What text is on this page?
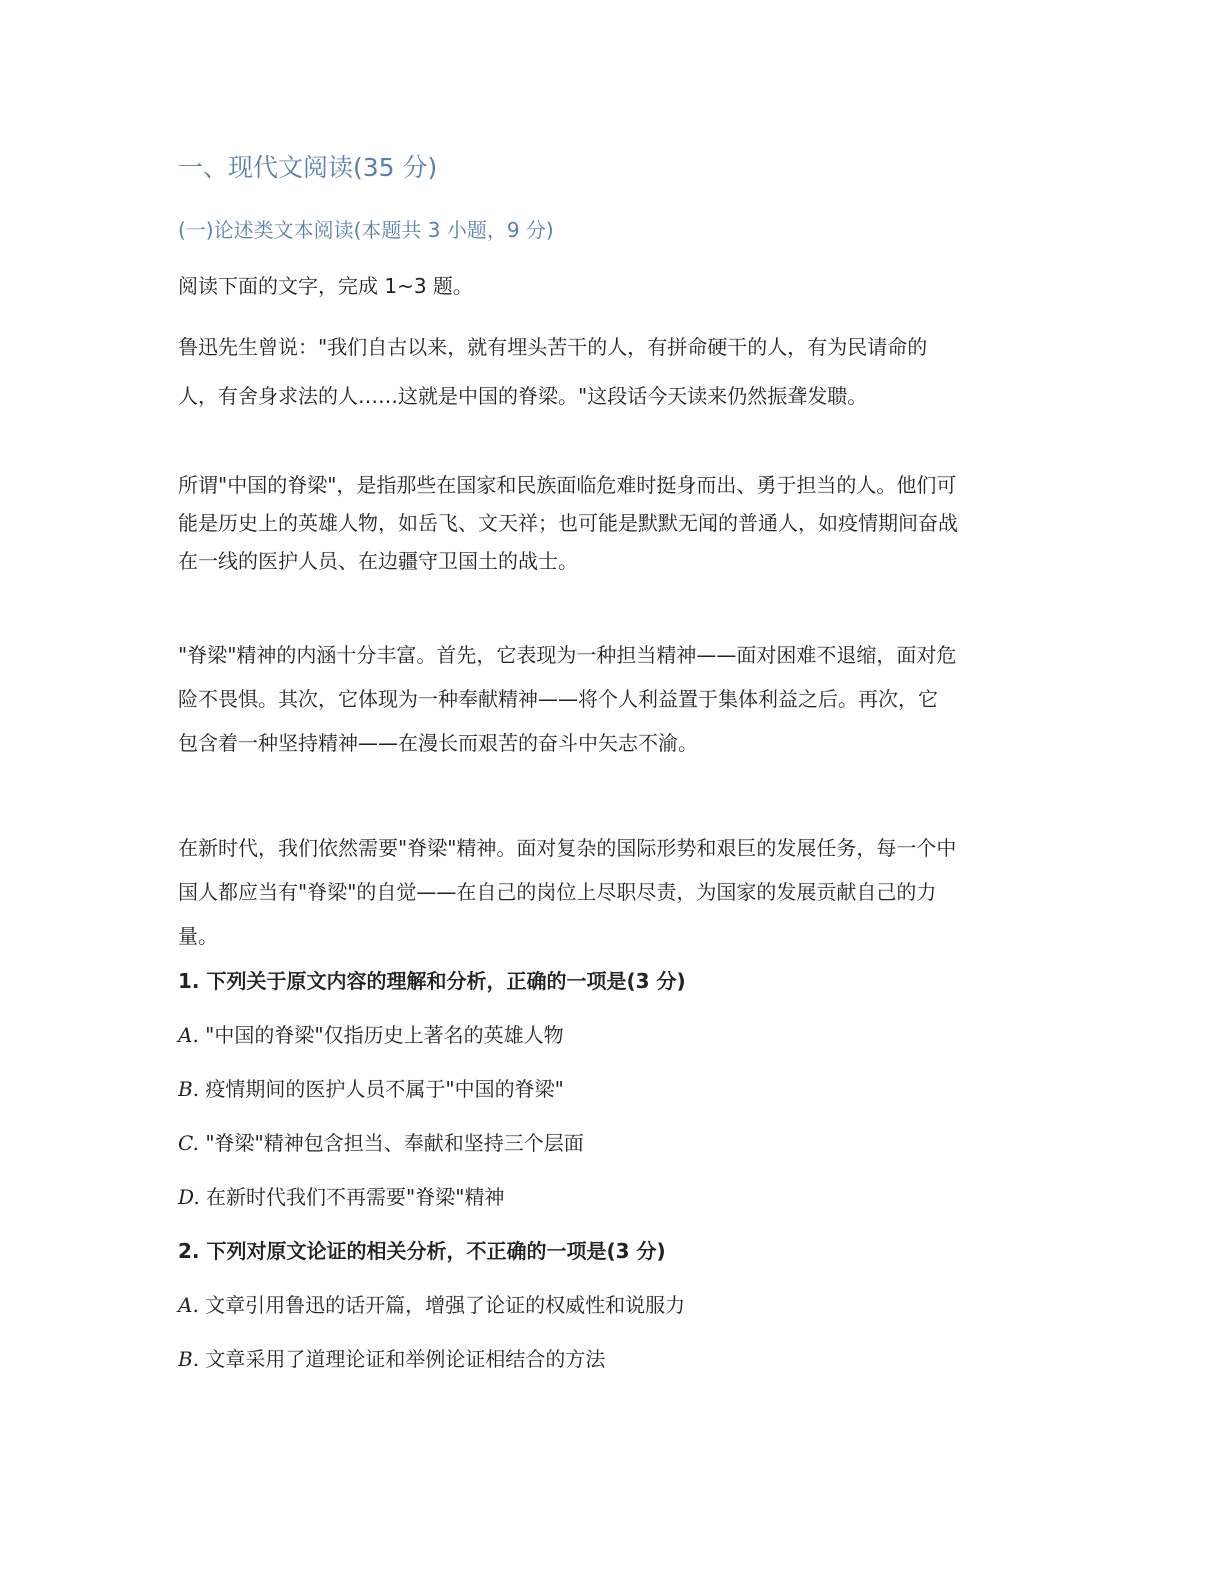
一、现代文阅读(35 分)
(一)论述类文本阅读(本题共 3 小题，9 分)
阅读下面的文字，完成 1~3 题。
鲁迅先生曾说："我们自古以来，就有埋头苦干的人，有拼命硬干的人，有为民请命的
人，有舍身求法的人……这就是中国的脊梁。"这段话今天读来仍然振聋发聩。
所谓"中国的脊梁"，是指那些在国家和民族面临危难时挺身而出、勇于担当的人。他们可
能是历史上的英雄人物，如岳飞、文天祥；也可能是默默无闻的普通人，如疫情期间奋战
在一线的医护人员、在边疆守卫国土的战士。
"脊梁"精神的内涵十分丰富。首先，它表现为一种担当精神——面对困难不退缩，面对危
险不畏惧。其次，它体现为一种奉献精神——将个人利益置于集体利益之后。再次，它
包含着一种坚持精神——在漫长而艰苦的奋斗中矢志不渝。
在新时代，我们依然需要"脊梁"精神。面对复杂的国际形势和艰巨的发展任务，每一个中
国人都应当有"脊梁"的自觉——在自己的岗位上尽职尽责，为国家的发展贡献自己的力
量。
1. 下列关于原文内容的理解和分析，正确的一项是(3 分)
A. "中国的脊梁"仅指历史上著名的英雄人物
B. 疫情期间的医护人员不属于"中国的脊梁"
C. "脊梁"精神包含担当、奉献和坚持三个层面
D. 在新时代我们不再需要"脊梁"精神
2. 下列对原文论证的相关分析，不正确的一项是(3 分)
A. 文章引用鲁迅的话开篇，增强了论证的权威性和说服力
B. 文章采用了道理论证和举例论证相结合的方法
